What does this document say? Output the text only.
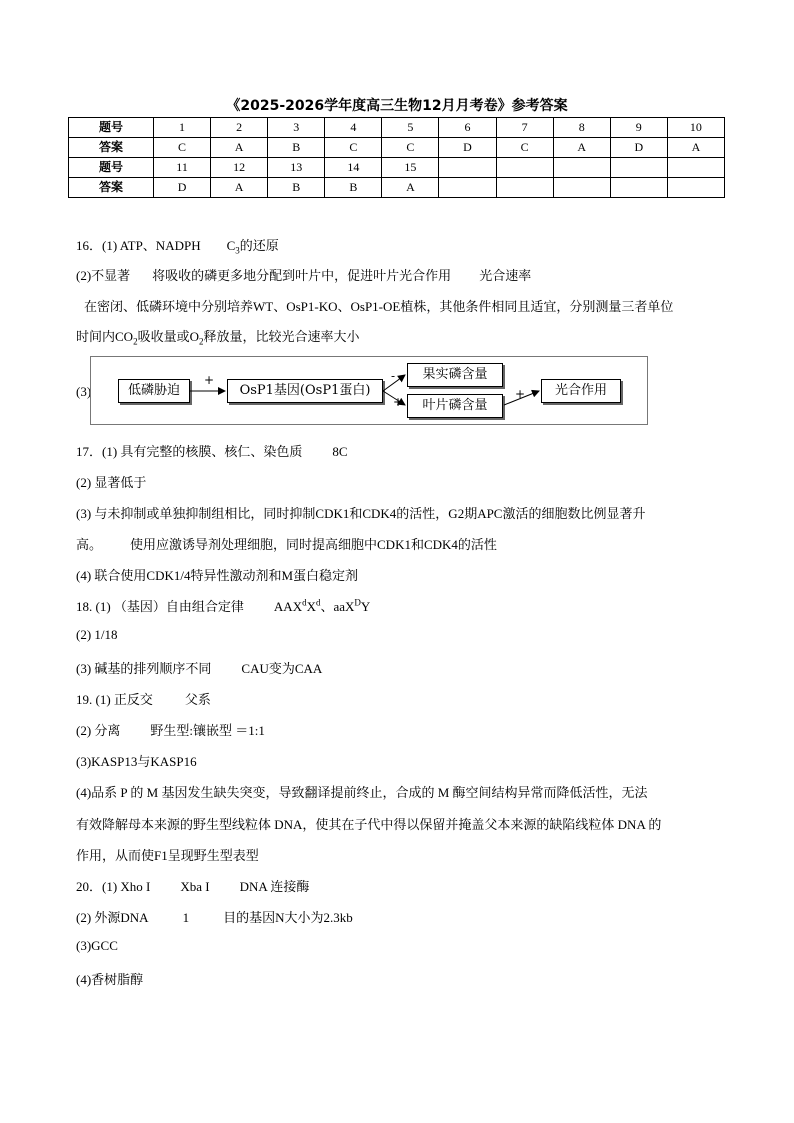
《2025-2026学年度高三生物12月月考卷》参考答案
题号	1	2	3	4	5	6	7	8	9	10
答案	C	A	B	C	C	D	C	A	D	A
题号	11	12	13	14	15					
答案	D	A	B	B	A					
16．(1) ATP、NADPH $C_3$的还原
(2)不显著 将吸收的磷更多地分配到叶片中，促进叶片光合作用 光合速率
在密闭、低磷环境中分别培养WT、OsP1-KO、OsP1-OE植株，其他条件相同且适宜，分别测量三者单位
时间内$CO_2$吸收量或$O_2$释放量，比较光合速率大小
(3)	低磷胁迫	OsP1基因(OsP1蛋白)
果实磷含量
叶片磷含量
光合作用
+	-
+
+
17．(1) 具有完整的核膜、核仁、染色质 8C
(2) 显著低于
(3) 与未抑制或单独抑制组相比，同时抑制CDK1和CDK4的活性，G2期APC激活的细胞数比例显著升
高。 使用应激诱导剂处理细胞，同时提高细胞中CDK1和CDK4的活性
(4) 联合使用CDK1/4特异性激动剂和M蛋白稳定剂
18. (1) （基因）自由组合定律 $AAX^dX^d$、aaX$^D$Y
(2) 1/18
(3) 碱基的排列顺序不同 CAU变为CAA
19. (1) 正反交 父系
(2) 分离 野生型:镶嵌型 ＝1:1
(3)KASP13与KASP16
(4)品系 P 的 M 基因发生缺失突变，导致翻译提前终止，合成的 M 酶空间结构异常而降低活性，无法
有效降解母本来源的野生型线粒体 DNA，使其在子代中得以保留并掩盖父本来源的缺陷线粒体 DNA 的
作用，从而使F1呈现野生型表型
20．(1) Xho I Xba I DNA 连接酶
(2) 外源DNA	1	目的基因N大小为2.3kb
(3)GCC
(4)香树脂醇
